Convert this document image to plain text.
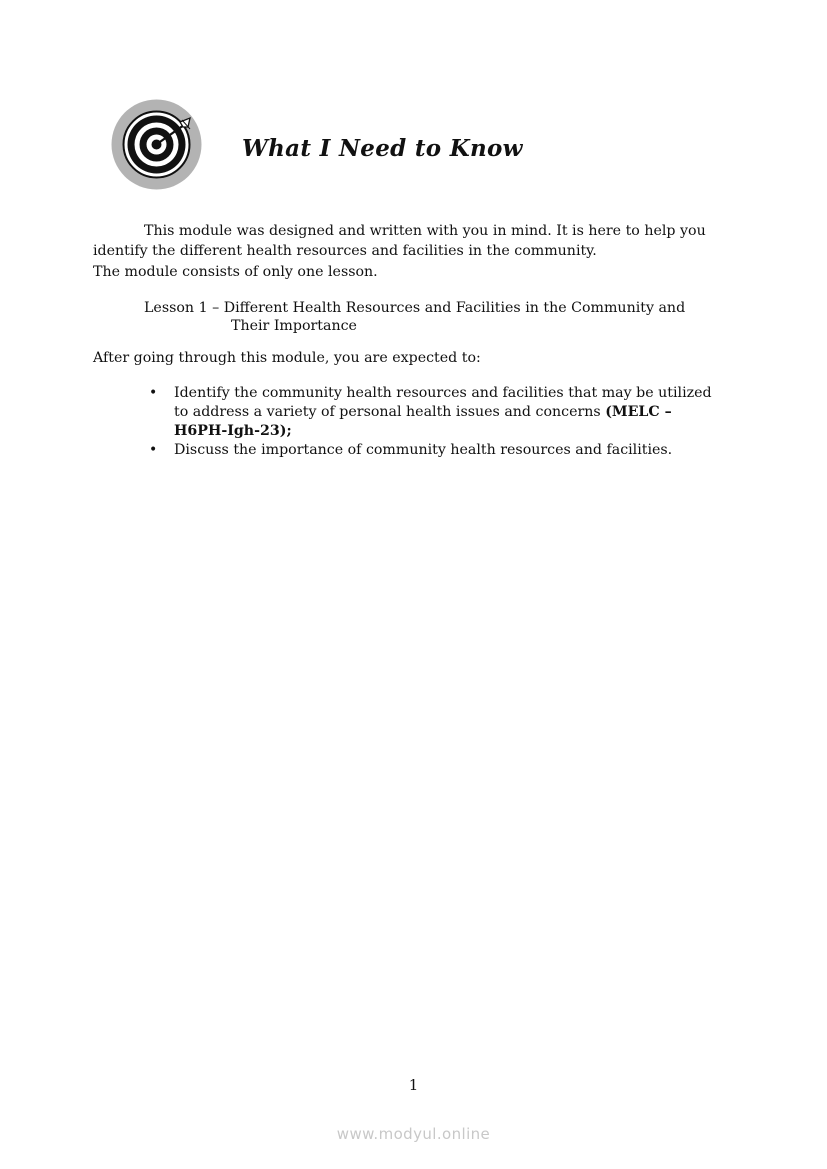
What I Need to Know
This module was designed and written with you in mind. It is here to help you
identify the different health resources and facilities in the community.
The module consists of only one lesson.
Lesson 1 – Different Health Resources and Facilities in the Community and
Their Importance
After going through this module, you are expected to:
• Identify the community health resources and facilities that may be utilized
to address a variety of personal health issues and concerns (MELC –
H6PH-Igh-23);
• Discuss the importance of community health resources and facilities.
1
www.modyul.online
